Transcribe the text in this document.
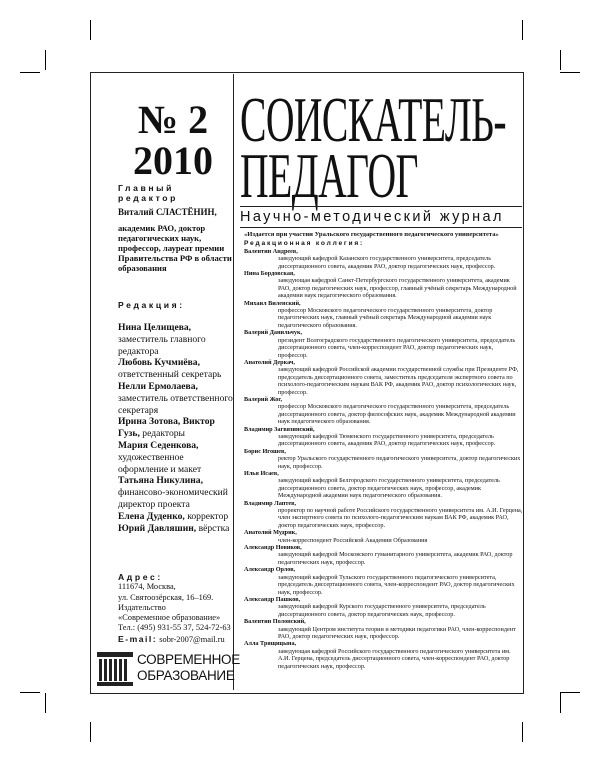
№ 2
2010
СОИСКАТЕЛЬ-
ПЕДАГОГ
Научно-методический журнал
Главный редактор
Виталий СЛАСТЁНИН,
академик РАО, доктор педагогических наук, профессор, лауреат премии Правительства РФ в области образования
Редакция:
Нина Целищева, заместитель главного редактора
Любовь Кучмиёва, ответственный секретарь
Нелли Ермолаева, заместитель ответственного секретаря
Ирина Зотова, Виктор Гузь, редакторы
Мария Седенкова, художественное оформление и макет
Татьяна Никулина, финансово-экономический директор проекта
Елена Дуденко, корректор
Юрий Давляшин, вёрстка
Адрес:
111674, Москва,
ул. Святоозёрская, 16–169.
Издательство
«Современное образование»
Тел.: (495) 931-55 37, 524-72-63
E-mail: sobr-2007@mail.ru
СОВРЕМЕННОЕ
ОБРАЗОВАНИЕ
«Издается при участии Уральского государственного педагогического университета»
Редакционная коллегия:
Валентин Андреев,
заведующий кафедрой Казанского государственного университета, председатель диссертационного совета, академик РАО, доктор педагогических наук, профессор.
Нина Бордовская,
заведующая кафедрой Санкт-Петербургского государственного университета, академик РАО, доктор педагогических наук, профессор, главный учёный секретарь Международной академии наук педагогического образования.
Михаил Виленский,
профессор Московского педагогического государственного университета, доктор педагогических наук, главный учёный секретарь Международной академии наук педагогического образования.
Валерий Данильчук,
президент Волгоградского государственного педагогического университета, председатель диссертационного совета, член-корреспондент РАО, доктор педагогических наук, профессор.
Анатолий Деркач,
заведующий кафедрой Российской академии государственной службы при Президенте РФ, председатель диссертационного совета, заместитель председателя экспертного совета по психолого-педагогическим наукам ВАК РФ, академик РАО, доктор психологических наук, профессор.
Валерий Жог,
профессор Московского педагогического государственного университета, председатель диссертационного совета, доктор философских наук, академик Международной академии наук педагогического образования.
Владимир Загвязинский,
заведующий кафедрой Тюменского государственного университета, председатель диссертационного совета, академик РАО, доктор педагогических наук, профессор.
Борис Игошев,
ректор Уральского государственного педагогического университета, доктор педагогических наук, профессор.
Илья Исаев,
заведующий кафедрой Белгородского государственного университета, председатель диссертационного совета, доктор педагогических наук, профессор, академик Международной академии наук педагогического образования.
Владимир Лаптев,
проректор по научной работе Российского государственного университета им. А.И. Герцена, член экспертного совета по психолого-педагогическим наукам ВАК РФ, академик РАО, доктор педагогических наук, профессор.
Анатолий Мудрик,
член-корреспондент Российской Академии Образования
Александр Новиков,
заведующий кафедрой Московского гуманитарного университета, академик РАО, доктор педагогических наук, профессор.
Александр Орлов,
заведующий кафедрой Тульского государственного педагогического университета, председатель диссертационного совета, член-корреспондент РАО, доктор педагогических наук, профессор.
Александр Пашков,
заведующий кафедрой Курского государственного университета, председатель диссертационного совета, доктор педагогических наук, профессор.
Валентин Полонский,
заведующий Центром института теории и методики педагогики РАО, член-корреспондент РАО, доктор педагогических наук, профессор.
Алла Трящицына,
заведующая кафедрой Российского государственного педагогического университета им. А.И. Герцена, председатель диссертационного совета, член-корреспондент РАО, доктор педагогических наук, профессор.
